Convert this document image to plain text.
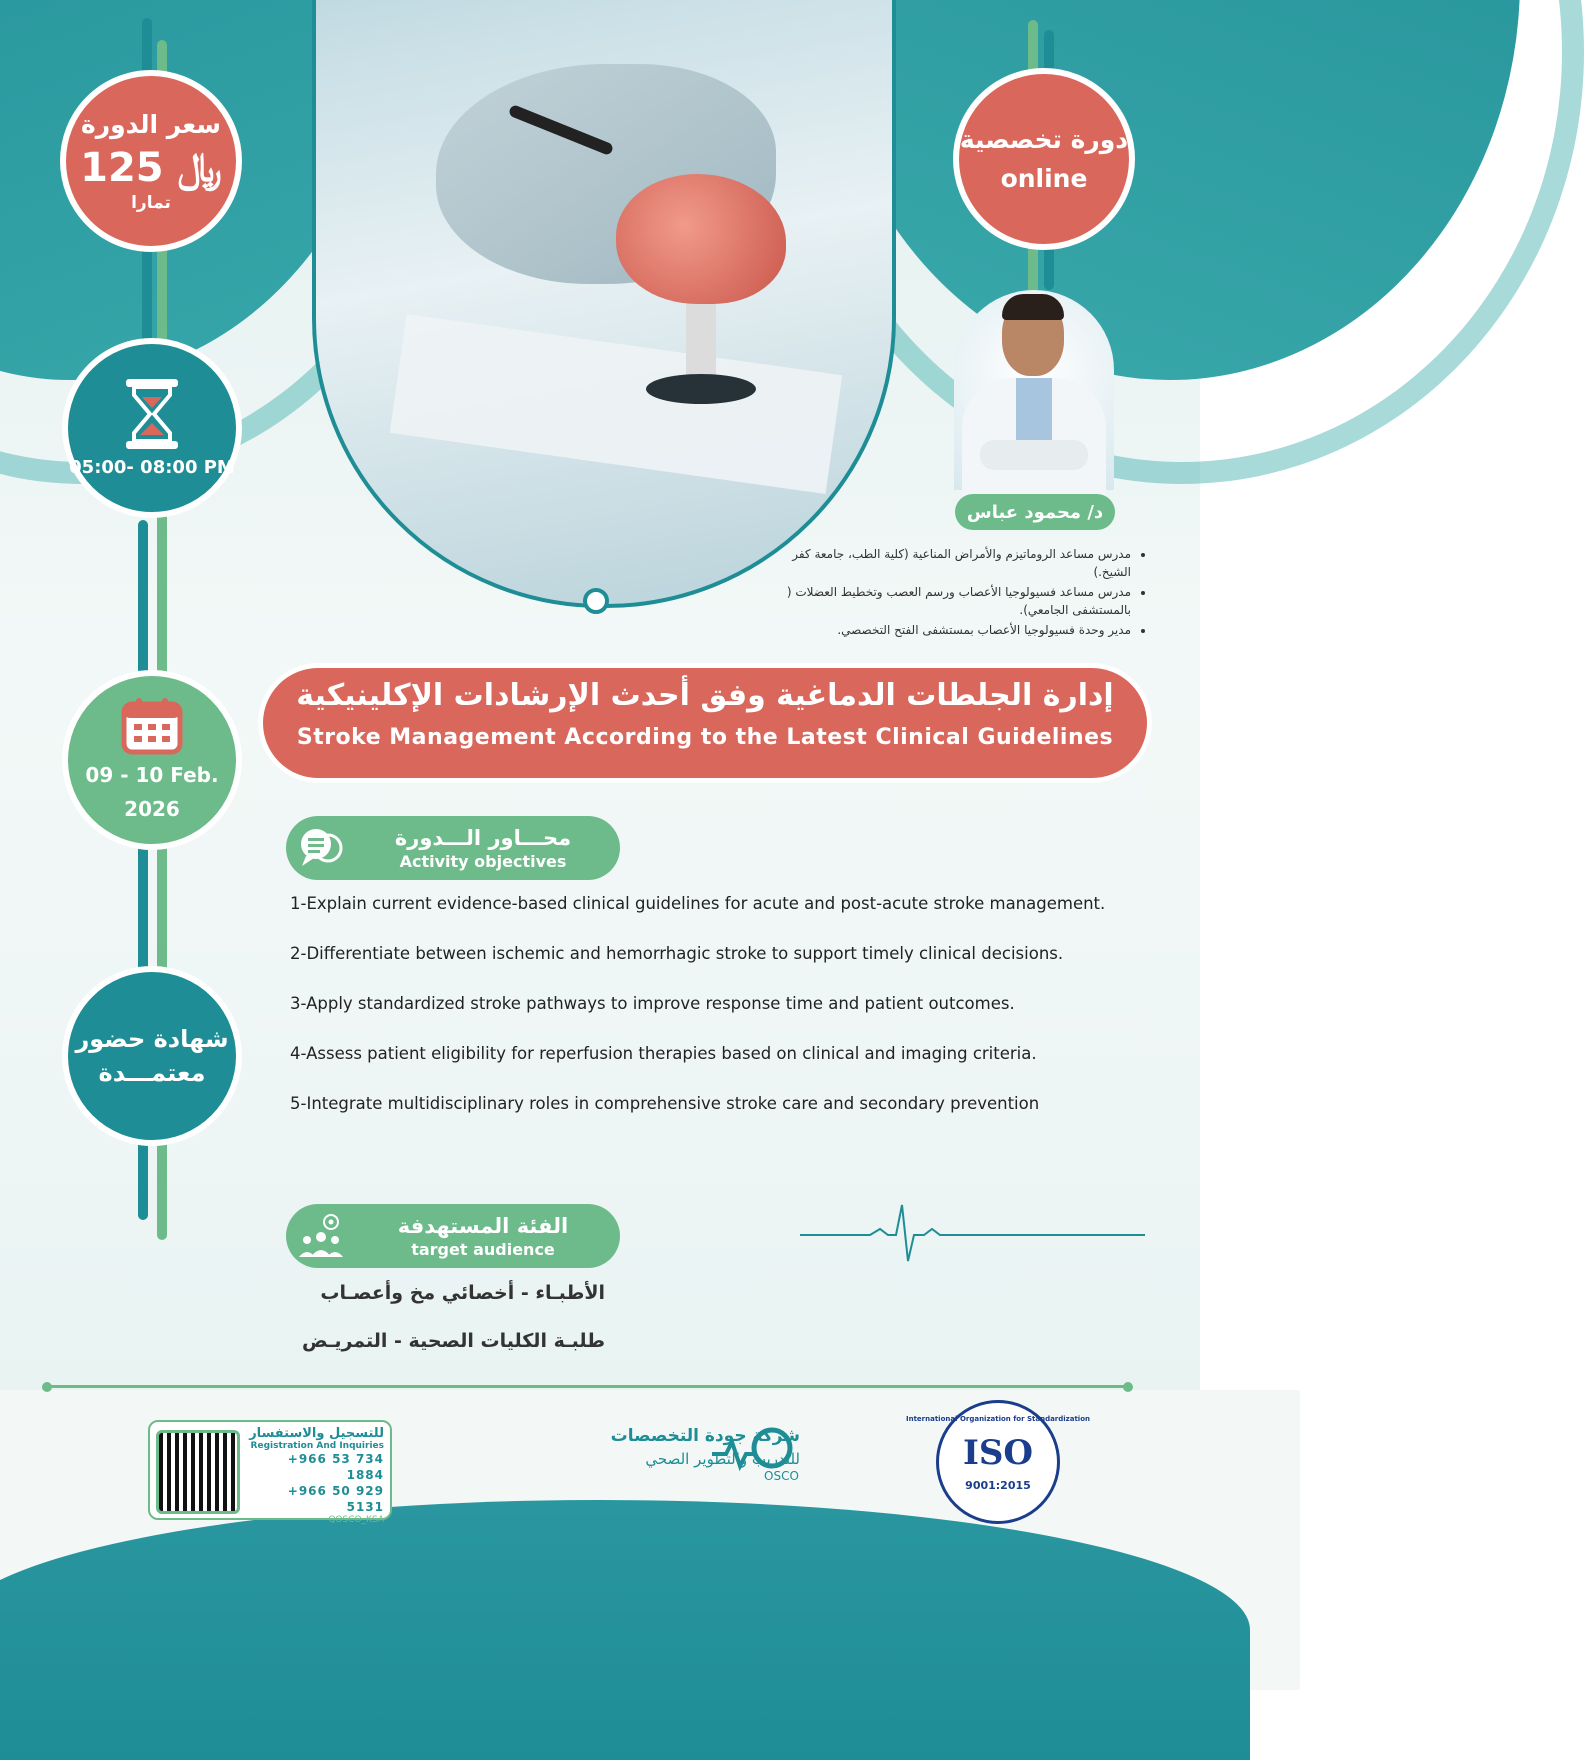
سعر الدورة
125 ﷼
تمارا
دورة تخصصية
online
05:00- 08:00 PM
09 - 10 Feb.
2026
شهادة حضور
معتمـــدة
د/ محمود عباس
• مدرس مساعد الروماتيزم والأمراض المناعية (كلية الطب، جامعة كفر الشيخ.)
• مدرس مساعد فسيولوجيا الأعصاب ورسم العصب وتخطيط العضلات ( بالمستشفى الجامعي).
• مدير وحدة فسيولوجيا الأعصاب بمستشفى الفتح التخصصي.
إدارة الجلطات الدماغية وفق أحدث الإرشادات الإكلينيكية
Stroke Management According to the Latest Clinical Guidelines
محـــاور الـــدورة
Activity objectives
1-Explain current evidence-based clinical guidelines for acute and post-acute stroke management.
2-Differentiate between ischemic and hemorrhagic stroke to support timely clinical decisions.
3-Apply standardized stroke pathways to improve response time and patient outcomes.
4-Assess patient eligibility for reperfusion therapies based on clinical and imaging criteria.
5-Integrate multidisciplinary roles in comprehensive stroke care and secondary prevention
الفئة المستهدفة
target audience
الأطبـاء - أخصائي مخ وأعصـاب
طلبـة الكليات الصحية - التمريـض
للتسجيل والاستفسار
Registration And Inquiries
+966 53 734 1884
+966 50 929 5131
QOSCO_KSA
شركة جودة التخصصات
للتدريب والتطوير الصحي
OSCO
International Organization for Standardization
ISO
9001:2015
